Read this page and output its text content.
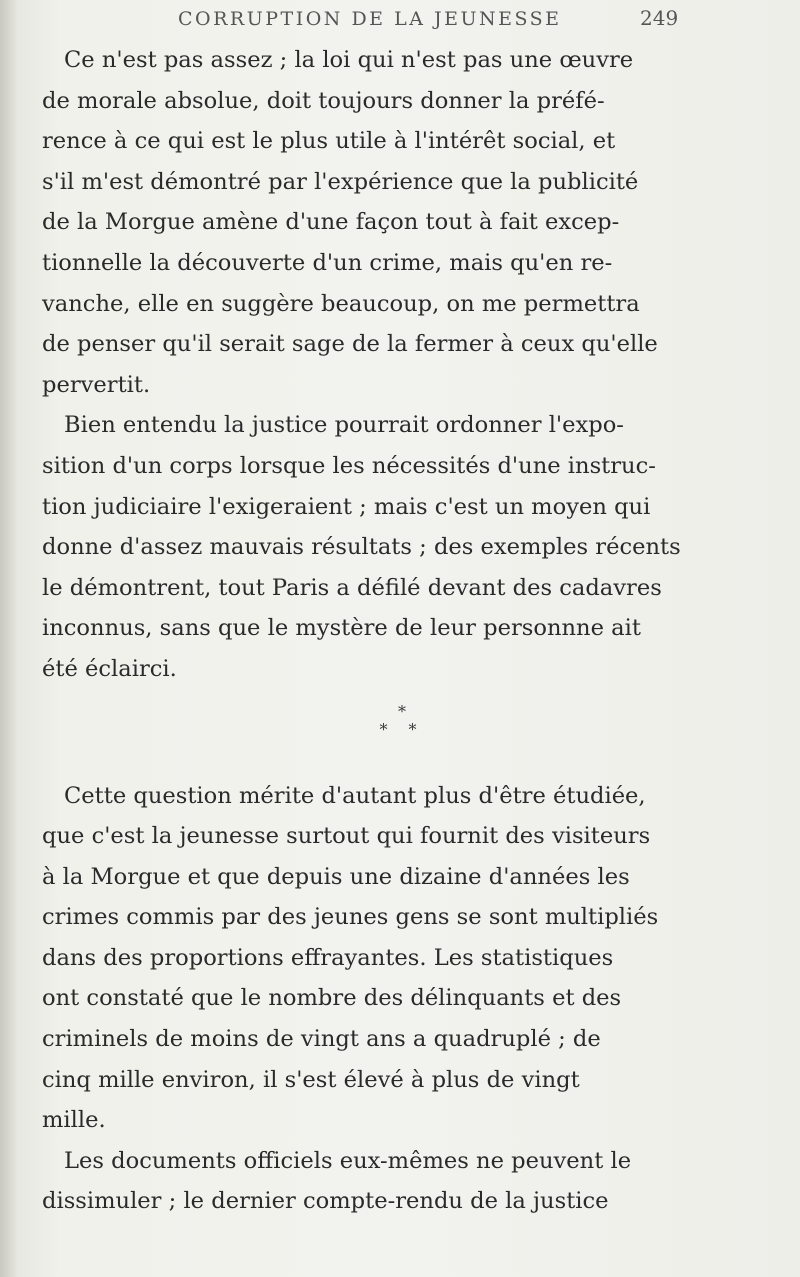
CORRUPTION DE LA JEUNESSE	249

Ce n'est pas assez ; la loi qui n'est pas une œuvre
de morale absolue, doit toujours donner la préfé-
rence à ce qui est le plus utile à l'intérêt social, et
s'il m'est démontré par l'expérience que la publicité
de la Morgue amène d'une façon tout à fait excep-
tionnelle la découverte d'un crime, mais qu'en re-
vanche, elle en suggère beaucoup, on me permettra
de penser qu'il serait sage de la fermer à ceux qu'elle
pervertit.

Bien entendu la justice pourrait ordonner l'expo-
sition d'un corps lorsque les nécessités d'une instruc-
tion judiciaire l'exigeraient ; mais c'est un moyen qui
donne d'assez mauvais résultats ; des exemples récents
le démontrent, tout Paris a défilé devant des cadavres
inconnus, sans que le mystère de leur personnne ait
été éclairci.

*
* *

Cette question mérite d'autant plus d'être étudiée,
que c'est la jeunesse surtout qui fournit des visiteurs
à la Morgue et que depuis une dizaine d'années les
crimes commis par des jeunes gens se sont multipliés
dans des proportions effrayantes. Les statistiques
ont constaté que le nombre des délinquants et des
criminels de moins de vingt ans a quadruplé ; de
cinq mille environ, il s'est élevé à plus de vingt
mille.

Les documents officiels eux-mêmes ne peuvent le
dissimuler ; le dernier compte-rendu de la justice
